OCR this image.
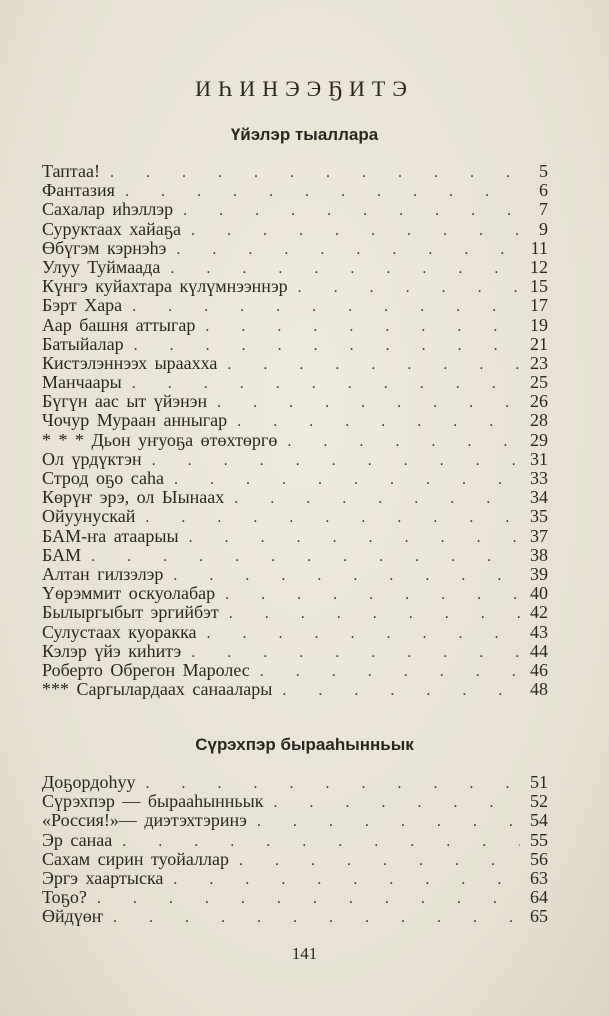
ИҺИНЭЭҔИТЭ
Үйэлэр тыаллара
Таптаа! . . .	5
Фантазия . . .	6
Сахалар иһэллэр . . .	7
Суруктаах хайаҕа . . .	9
Өбүгэм кэрнэһэ . . .	11
Улуу Туймаада . . .	12
Күнгэ куйахтара күлүмнээннэр . . .	15
Бэрт Хара . . .	17
Аар башня аттыгар . . .	19
Батыйалар . . .	21
Кистэлэннээх ыраахха . . .	23
Манчаары . . .	25
Бүгүн аас ыт үйэнэн . . .	26
Чочур Мураан анныгар . . .	28
* * * Дьон уҥуоҕа өтөхтөргө . . .	29
Ол үрдүктэн . . .	31
Строд оҕо саһа . . .	33
Көрүҥ эрэ, ол Ыынаах . . .	34
Ойуунускай . . .	35
БАМ-ҥа атаарыы . . .	37
БАМ . . .	38
Алтан гилзэлэр . . .	39
Үөрэммит оскуолабар . . .	40
Былыргыбыт эргийбэт . . .	42
Сулустаах куоракка . . .	43
Кэлэр үйэ киһитэ . . .	44
Роберто Обрегон Маролес . . .	46
*** Саргылардаах санаалары . . .	48
Сүрэхпэр бырааһынньык
Доҕордоһуу . . .	51
Сүрэхпэр — бырааһынньык . . .	52
«Россия!»— диэтэхтэринэ . . .	54
Эр санаа . . .	55
Сахам сирин туойаллар . . .	56
Эргэ хаартыска . . .	63
Тоҕо? . . .	64
Өйдүөҥ . . .	65
141
